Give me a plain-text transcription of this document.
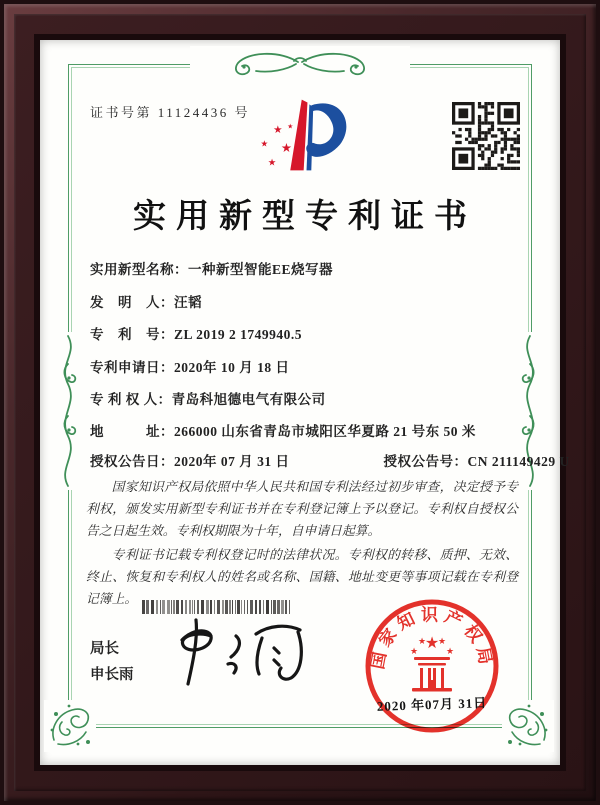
证书号第 11124436 号
★
★ ★
★
★
实用新型专利证书
实用新型名称：一种新型智能EE烧写器
发　明　人：汪韬
专　利　号：ZL 2019 2 1749940.5
专利申请日：2020年 10 月 18 日
专 利 权 人：青岛科旭德电气有限公司
地　　　址：266000 山东省青岛市城阳区华夏路 21 号东 50 米
授权公告日：2020年 07 月 31 日	授权公告号：CN 211149429 U

国家知识产权局依照中华人民共和国专利法经过初步审查，决定授予专利权，颁发实用新型专利证书并在专利登记簿上予以登记。专利权自授权公告之日起生效。专利权期限为十年，自申请日起算。

专利证书记载专利权登记时的法律状况。专利权的转移、质押、无效、终止、恢复和专利权人的姓名或名称、国籍、地址变更等事项记载在专利登记簿上。

局长
申长雨
国家知识产权局
★
★
★ ★
★
2020 年07月 31日
